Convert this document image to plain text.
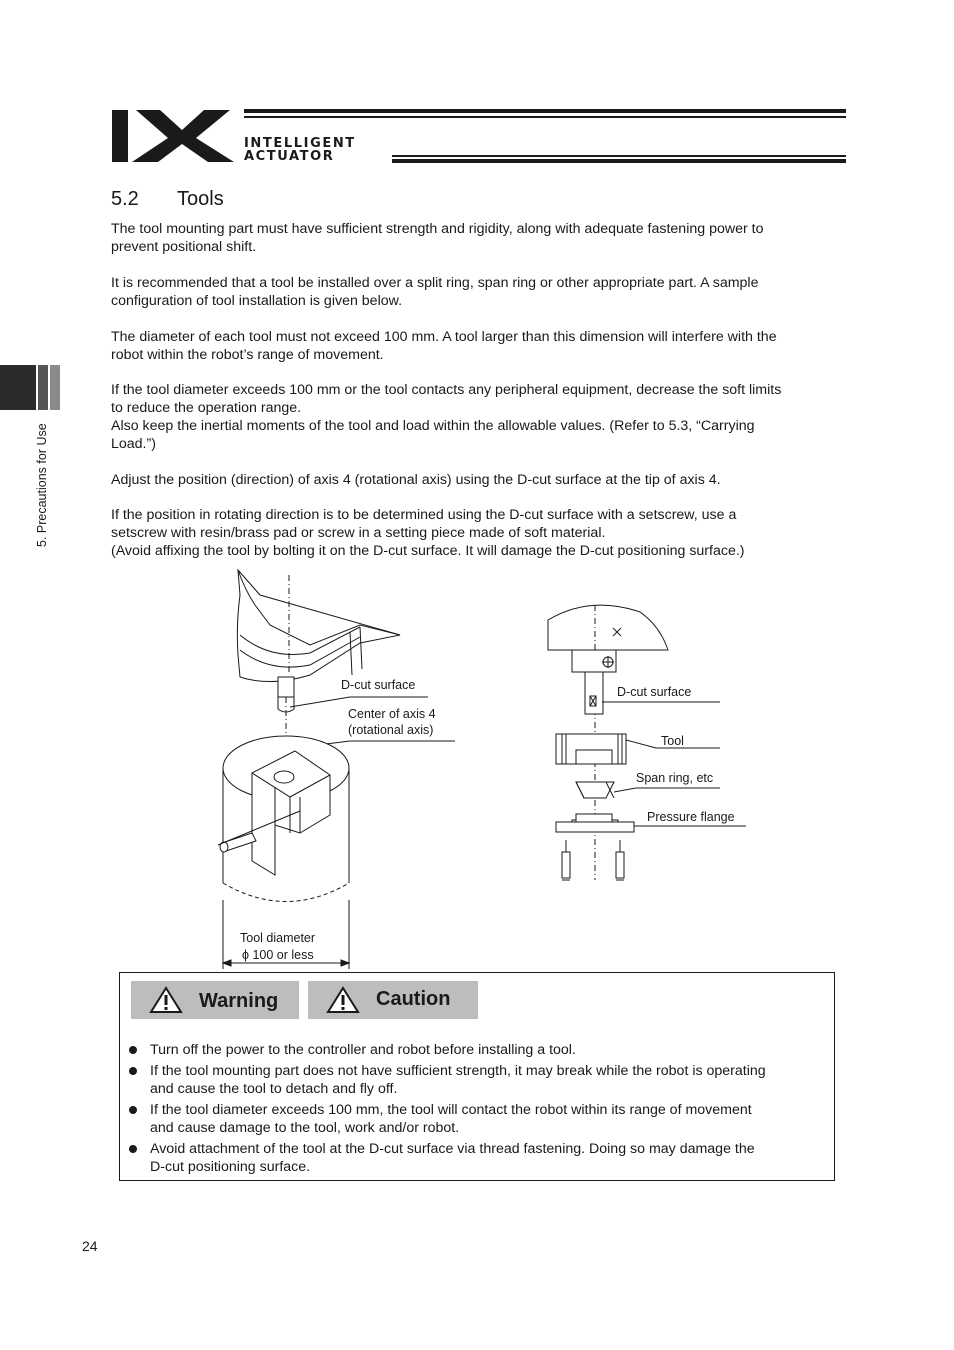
INTELLIGENT
ACTUATOR
5. Precautions for Use
5.2 Tools
The tool mounting part must have sufficient strength and rigidity, along with adequate fastening power to
prevent positional shift.
It is recommended that a tool be installed over a split ring, span ring or other appropriate part. A sample
configuration of tool installation is given below.
The diameter of each tool must not exceed 100 mm. A tool larger than this dimension will interfere with the
robot within the robot’s range of movement.
If the tool diameter exceeds 100 mm or the tool contacts any peripheral equipment, decrease the soft limits
to reduce the operation range.
Also keep the inertial moments of the tool and load within the allowable values. (Refer to 5.3, “Carrying
Load.”)
Adjust the position (direction) of axis 4 (rotational axis) using the D-cut surface at the tip of axis 4.
If the position in rotating direction is to be determined using the D-cut surface with a setscrew, use a
setscrew with resin/brass pad or screw in a setting piece made of soft material.
(Avoid affixing the tool by bolting it on the D-cut surface. It will damage the D-cut positioning surface.)
D-cut surface
Center of axis 4
(rotational axis)
Tool diameter
ϕ 100 or less
D-cut surface
Tool
Span ring, etc
Pressure flange
Warning	Caution
Turn off the power to the controller and robot before installing a tool.
If the tool mounting part does not have sufficient strength, it may break while the robot is operating
and cause the tool to detach and fly off.
If the tool diameter exceeds 100 mm, the tool will contact the robot within its range of movement
and cause damage to the tool, work and/or robot.
Avoid attachment of the tool at the D-cut surface via thread fastening. Doing so may damage the
D-cut positioning surface.
24
